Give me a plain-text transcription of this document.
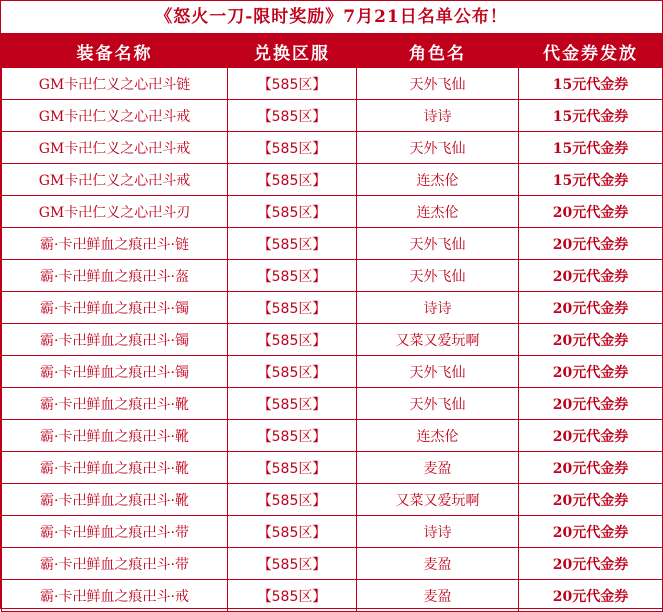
《怒火一刀-限时奖励》7月21日名单公布！
装备名称	兑换区服	角色名	代金券发放
GM卡卍仁义之心卍斗链	【585区】	天外飞仙	15元代金券
GM卡卍仁义之心卍斗戒	【585区】	诗诗	15元代金券
GM卡卍仁义之心卍斗戒	【585区】	天外飞仙	15元代金券
GM卡卍仁义之心卍斗戒	【585区】	连杰伦	15元代金券
GM卡卍仁义之心卍斗刃	【585区】	连杰伦	20元代金券
霸·卡卍鲜血之痕卍斗·链	【585区】	天外飞仙	20元代金券
霸·卡卍鲜血之痕卍斗·盔	【585区】	天外飞仙	20元代金券
霸·卡卍鲜血之痕卍斗·镯	【585区】	诗诗	20元代金券
霸·卡卍鲜血之痕卍斗·镯	【585区】	又菜又爱玩啊	20元代金券
霸·卡卍鲜血之痕卍斗·镯	【585区】	天外飞仙	20元代金券
霸·卡卍鲜血之痕卍斗·靴	【585区】	天外飞仙	20元代金券
霸·卡卍鲜血之痕卍斗·靴	【585区】	连杰伦	20元代金券
霸·卡卍鲜血之痕卍斗·靴	【585区】	麦盈	20元代金券
霸·卡卍鲜血之痕卍斗·靴	【585区】	又菜又爱玩啊	20元代金券
霸·卡卍鲜血之痕卍斗·带	【585区】	诗诗	20元代金券
霸·卡卍鲜血之痕卍斗·带	【585区】	麦盈	20元代金券
霸·卡卍鲜血之痕卍斗·戒	【585区】	麦盈	20元代金券
